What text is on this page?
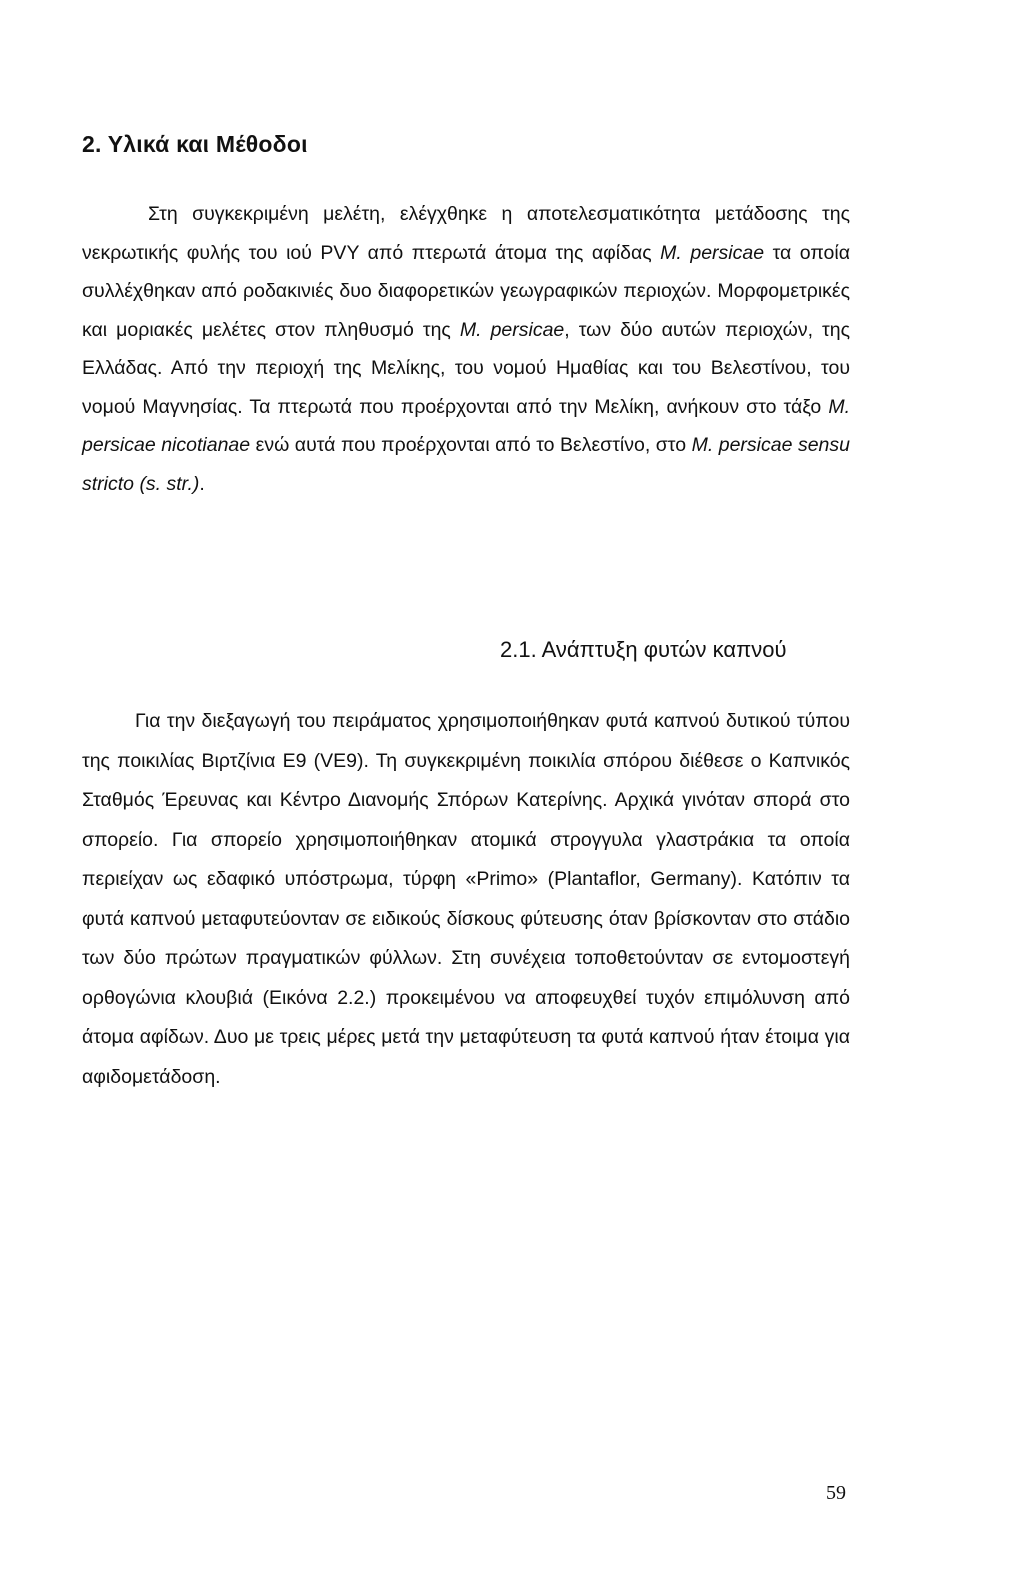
2. Υλικά και Μέθοδοι

Στη συγκεκριμένη μελέτη, ελέγχθηκε η αποτελεσματικότητα μετάδοσης της νεκρωτικής φυλής του ιού PVY από πτερωτά άτομα της αφίδας M. persicae τα οποία συλλέχθηκαν από ροδακινιές δυο διαφορετικών γεωγραφικών περιοχών. Μορφομετρικές και μοριακές μελέτες στον πληθυσμό της M. persicae, των δύο αυτών περιοχών, της Ελλάδας. Από την περιοχή της Μελίκης, του νομού Ημαθίας και του Βελεστίνου, του νομού Μαγνησίας. Τα πτερωτά που προέρχονται από την Μελίκη, ανήκουν στο τάξο M. persicae nicotianae ενώ αυτά που προέρχονται από το Βελεστίνο, στο M. persicae sensu stricto (s. str.).

2.1. Ανάπτυξη φυτών καπνού

Για την διεξαγωγή του πειράματος χρησιμοποιήθηκαν φυτά καπνού δυτικού τύπου της ποικιλίας Βιρτζίνια Ε9 (VE9). Τη συγκεκριμένη ποικιλία σπόρου διέθεσε ο Καπνικός Σταθμός Έρευνας και Κέντρο Διανομής Σπόρων Κατερίνης. Αρχικά γινόταν σπορά στο σπορείο. Για σπορείο χρησιμοποιήθηκαν ατομικά στρογγυλα γλαστράκια τα οποία περιείχαν ως εδαφικό υπόστρωμα, τύρφη «Primo» (Plantaflor, Germany). Κατόπιν τα φυτά καπνού μεταφυτεύονταν σε ειδικούς δίσκους φύτευσης όταν βρίσκονταν στο στάδιο των δύο πρώτων πραγματικών φύλλων. Στη συνέχεια τοποθετούνταν σε εντομοστεγή ορθογώνια κλουβιά (Εικόνα 2.2.) προκειμένου να αποφευχθεί τυχόν επιμόλυνση από άτομα αφίδων. Δυο με τρεις μέρες μετά την μεταφύτευση τα φυτά καπνού ήταν έτοιμα για αφιδομετάδοση.

59
